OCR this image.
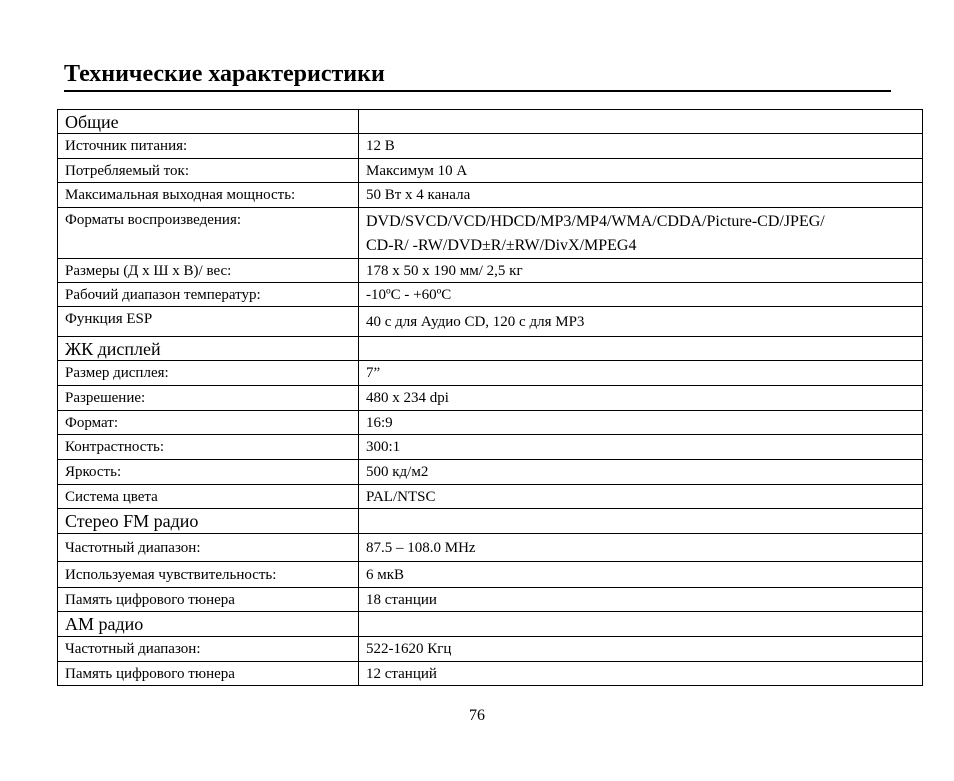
Технические характеристики
Общие	
Источник питания:	12 В
Потребляемый ток:	Максимум 10 А
Максимальная выходная мощность:	50 Вт х 4 канала
Форматы воспроизведения:	DVD/SVCD/VCD/HDCD/MP3/MP4/WMA/CDDA/Picture-CD/JPEG/
CD-R/ -RW/DVD±R/±RW/DivX/MPEG4

Размеры (Д х Ш х В)/ вес:	178 х 50 х 190 мм/ 2,5 кг
Рабочий диапазон температур:	-10ºC - +60ºC
Функция ESP	40 с для Аудио CD, 120 с для MP3
ЖК дисплей	
Размер дисплея:	7”
Разрешение:	480 x 234 dpi
Формат:	16:9
Контрастность:	300:1
Яркость:	500 кд/м2
Система цвета	PAL/NTSC
Стерео FM радио	
Частотный диапазон:	87.5 – 108.0 MHz
Используемая чувствительность:	6 мкВ
Память цифрового тюнера	18 станции
AM радио	
Частотный диапазон:	522-1620 Кгц
Память цифрового тюнера	12 станций
76
